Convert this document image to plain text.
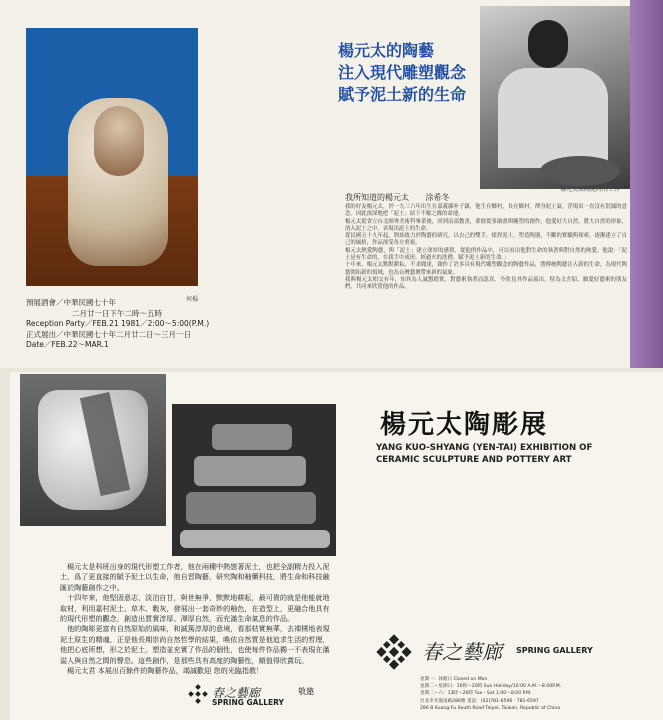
何楊
楊元太的陶藝
注入現代雕塑觀念
賦予泥土新的生命
楊元太製陶泥時的工作
我所知道的楊元太 涂希冬

我的好友楊元太，於一九三六年出生在嘉義縣朴子鎮，他生在鄉村，長在鄉村，澤身泥土氣，浮現出一直沒有泯滅的意念。因此深深地把「泥土」結下不解之緣的命運。

楊元太從省立台北師專美術科畢業後，回到南部教書，業餘從事繪畫與雕塑的創作，他愛好大自然，將大自然的形象，溶入泥土之中，表現出泥土的生命。

從民國五十九年起，開始致力於陶藝的研究，以自己的雙手，揉捏泥土，塑造陶器，不斷的實驗與探索，逐漸建立了自己的風格，作品深受各方重視。

楊元太熱愛陶藝，與「泥土」建立深厚的感情，從他的作品中，可以看出他對生命的執著與對自然的熱愛。他說：「泥土是有生命的，在我手中成形，經過火的洗禮，賦予泥土新的生命。」

十年來，楊元太默默耕耘，不求聞達，創作了許多具有現代雕塑觀念的陶藝作品，將傳統陶藝注入新的生命，為現代陶藝開拓新的領域，也為台灣藝壇帶來新的氣象。

我與楊元太相交有年，知其為人誠懇踏實，對藝術執著而認真，今欣見其作品展出，特為文介紹，願愛好藝術的朋友們，共同來欣賞他的作品。

預展酒會／中華民國七十年
二月廿一日下午二時～五時
Reception Party／FEB.21 1981／2:00～5:00(P.M.)
正式展出／中華民國七十年二月廿二日～三月一日
Date／FEB.22～MAR.1
楊元太陶彫展
YANG KUO-SHYANG (YEN-TAI) EXHIBITION OF
CERAMIC SCULPTURE AND POTTERY ART

楊元太是科班出身的現代形塑工作者，他在兩種中熱戀著泥土，也把全副精力投入泥土，爲了更直接的賦予泥土以生命，他自習陶藝，研究陶和釉藥科技，將生命和科技融匯於陶藝創作之中。

十四年來，他堅固意志，淡泊自甘，與世無爭，默默地耕耘，最可貴的就是他能就地取材，利用嘉村泥土、草木、穀灰，發展出一套奇妙的釉色，在造型上，更融合他具有的現代形塑的觀念，創造出質實淳厚、渾厚自然，而充滿生命氣息的作品。

他的陶彫更富有自然原始的風味，和誠篤淳厚的意境，看那枯實無華，去裸樸地表現泥土原生的精魂，正是他長期崇尚自然哲學的結果，喚依自然質是他追求生活的哲理，他把心底所想，形之於泥土，塑造並充實了作品的個性，也使每件作品獨一不表現在滿溢人與自然之間的聲息。這些創作，是那些具有高度的陶藝性，頗值得欣賞玩。

楊元太君 本展出百餘件的陶藝作品，竭誠歡迎 您的光臨指教！

春之藝廊
SPRING GALLERY
敬邀
春之藝廊 SPRING GALLERY
星期一：休館日 Closed on Mon
星期二～星期日：10時～20時 Sun Holiday/10:00 A.M.～8:00P.M.
星期二～六：13時～20時 Tue - Sat 1:00～8:00 P.M.
台北市光復南路286號 電話：(02)781-6596 · 781-6597
286 B Kuang-Fu South Road Taipei, Taiwan, Republic of China
